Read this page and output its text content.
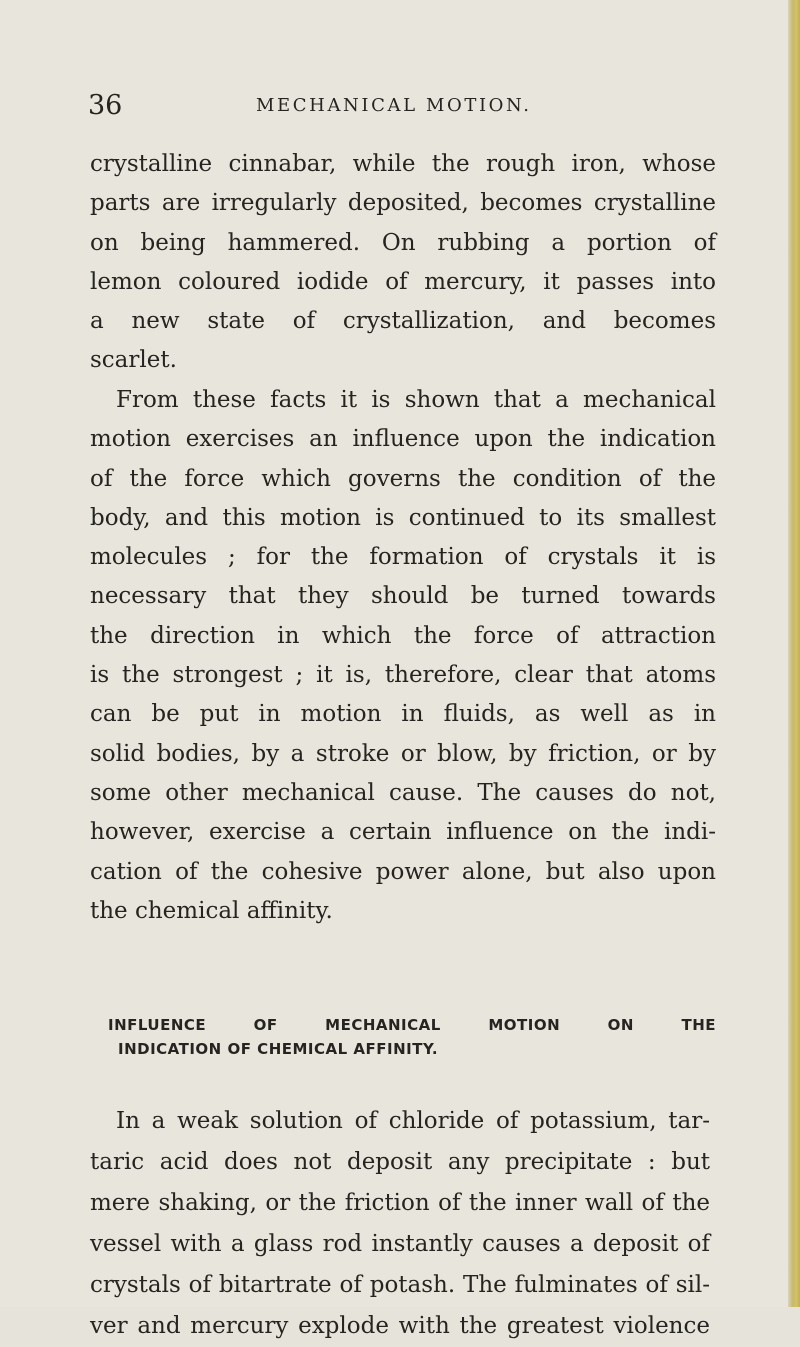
36	MECHANICAL MOTION.

crystalline cinnabar, while the rough iron, whose
parts are irregularly deposited, becomes crystalline
on being hammered. On rubbing a portion of
lemon coloured iodide of mercury, it passes into
a new state of crystallization, and becomes
scarlet.

From these facts it is shown that a mechanical
motion exercises an influence upon the indication
of the force which governs the condition of the
body, and this motion is continued to its smallest
molecules ; for the formation of crystals it is
necessary that they should be turned towards
the direction in which the force of attraction
is the strongest ; it is, therefore, clear that atoms
can be put in motion in fluids, as well as in
solid bodies, by a stroke or blow, by friction, or by
some other mechanical cause. The causes do not,
however, exercise a certain influence on the indi-
cation of the cohesive power alone, but also upon
the chemical affinity.

INFLUENCE OF MECHANICAL MOTION ON THE
INDICATION OF CHEMICAL AFFINITY.

In a weak solution of chloride of potassium, tar-
taric acid does not deposit any precipitate : but
mere shaking, or the friction of the inner wall of the
vessel with a glass rod instantly causes a deposit of
crystals of bitartrate of potash. The fulminates of sil-
ver and mercury explode with the greatest violence
